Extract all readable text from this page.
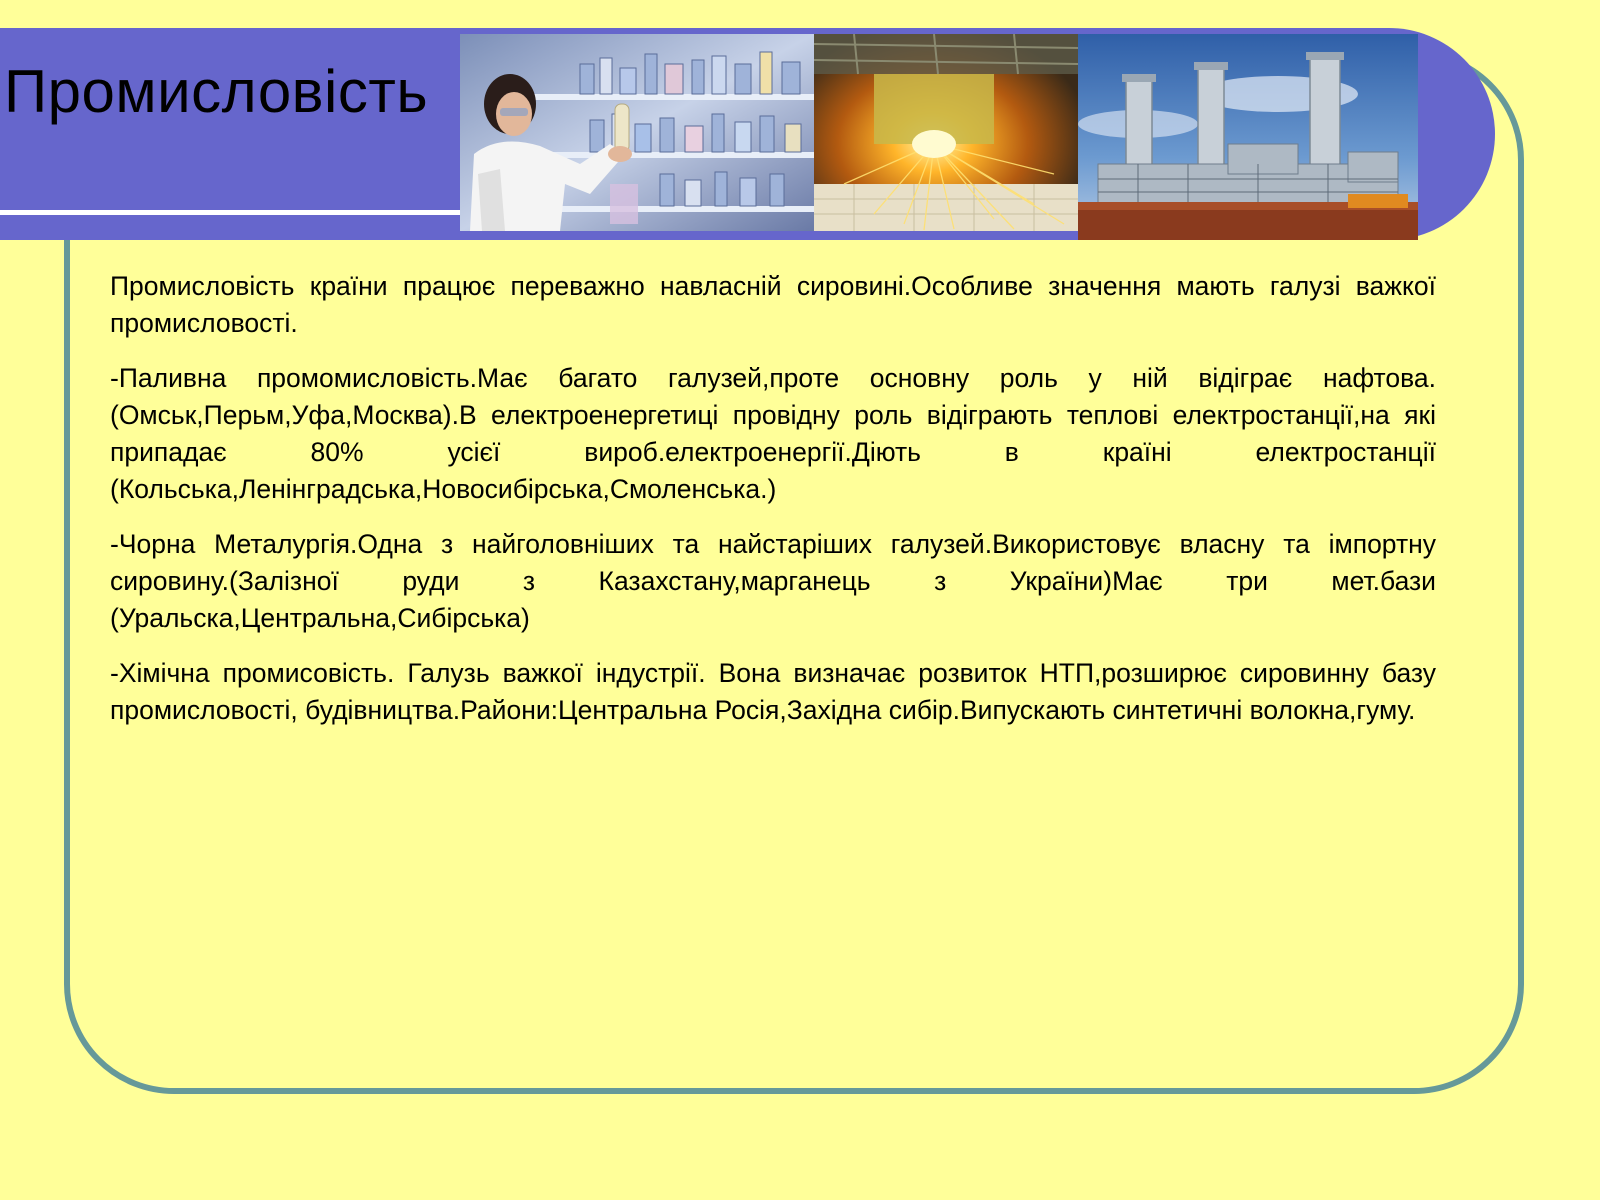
Промисловість

Промисловість країни працює переважно навласній сировині.Особливе значення мають галузі важкої промисловості.

-Паливна промомисловість.Має багато галузей,проте основну роль у ній відіграє нафтова.(Омськ,Перьм,Уфа,Москва).В електроенергетиці провідну роль відіграють теплові електростанції,на які припадає 80% усієї вироб.електроенергії.Діють в країні електростанції (Кольська,Ленінградська,Новосибірська,Смоленська.)

-Чорна Металургія.Одна з найголовніших та найстаріших галузей.Використовує власну та імпортну сировину.(Залізної руди з Казахстану,марганець з України)Має три мет.бази (Уральска,Центральна,Сибірська)

-Хімічна промисовість. Галузь важкої індустрії. Вона визначає розвиток НТП,розширює сировинну базу промисловості, будівництва.Райони:Центральна Росія,Західна сибір.Випускають синтетичні волокна,гуму.
